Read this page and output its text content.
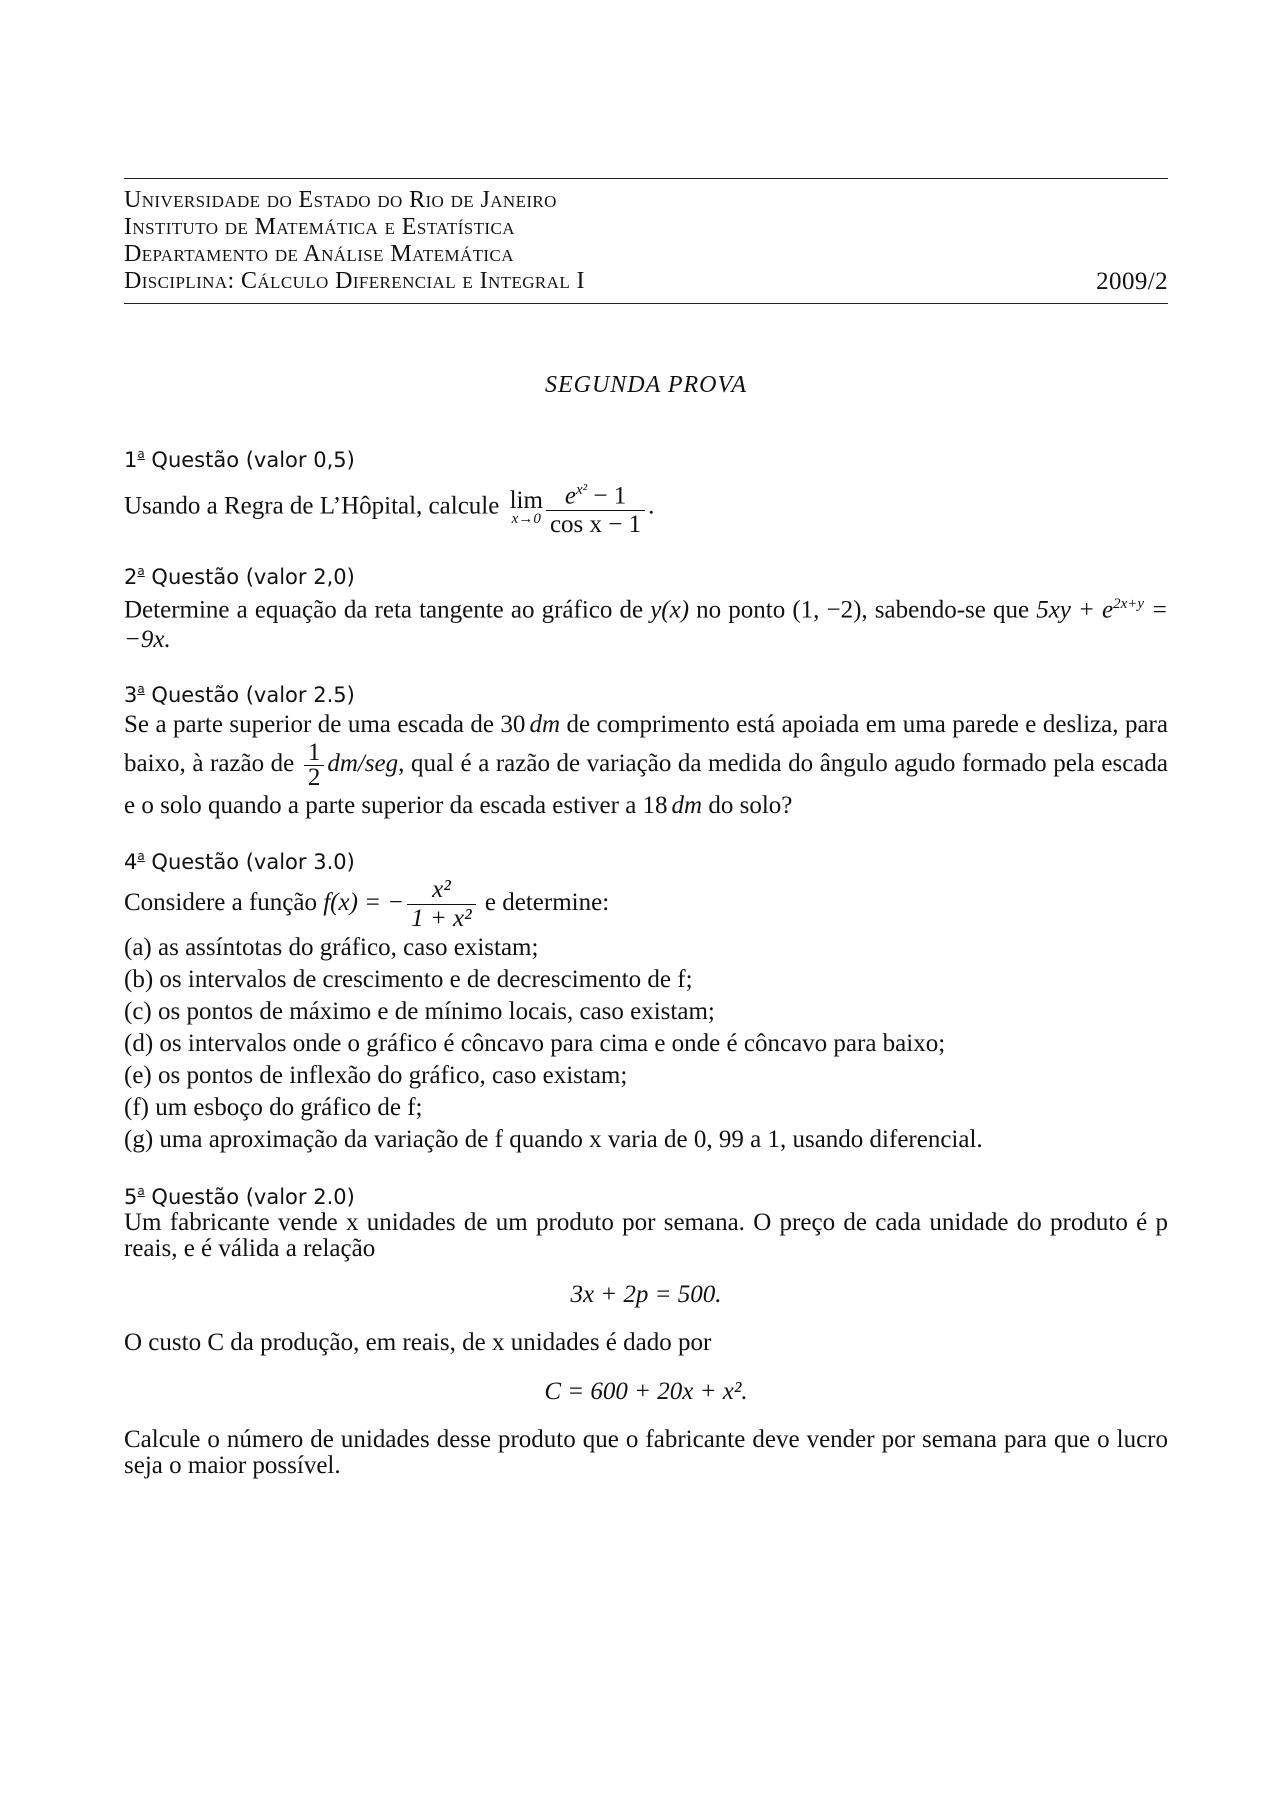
Universidade do Estado do Rio de Janeiro
Instituto de Matemática e Estatística
Departamento de Análise Matemática
Disciplina: Cálculo Diferencial e Integral I	2009/2
SEGUNDA PROVA
1$^a$ Questão (valor 0,5)
Usando a Regra de L’Hôpital, calcule lim
$x\to 0 \frac{e^{x^2} - 1}{\text{cos x − 1}}$ .
2$^a$ Questão (valor 2,0)
Determine a equação da reta tangente ao gráfico de y(x) no ponto (1, −2), sabendo-se que $5xy + e^{2x+y} = -9x$.
3$^a$ Questão (valor 2.5)
Se a parte superior de uma escada de 30 dm de comprimento está apoiada em uma parede e desliza, para baixo, à razão de $\frac{1}{2} dm/seg$, qual é a razão de variação da medida do ângulo agudo formado pela escada e o solo quando a parte superior da escada estiver a 18 dm do solo?
4$^a$ Questão (valor 3.0)
Considere a função f(x) = − $\frac{\text{x²}}{\text{1 + x²}}$ e determine:
(a) as assíntotas do gráfico, caso existam;
(b) os intervalos de crescimento e de decrescimento de f;
(c) os pontos de máximo e de mínimo locais, caso existam;
(d) os intervalos onde o gráfico é côncavo para cima e onde é côncavo para baixo;
(e) os pontos de inflexão do gráfico, caso existam;
(f) um esboço do gráfico de f;
(g) uma aproximação da variação de f quando x varia de 0, 99 a 1, usando diferencial.
5$^a$ Questão (valor 2.0)
Um fabricante vende x unidades de um produto por semana. O preço de cada unidade do produto é p reais, e é válida a relação
3x + 2p = 500.
O custo C da produção, em reais, de x unidades é dado por
C = 600 + 20x + x².
Calcule o número de unidades desse produto que o fabricante deve vender por semana para que o lucro seja o maior possível.
